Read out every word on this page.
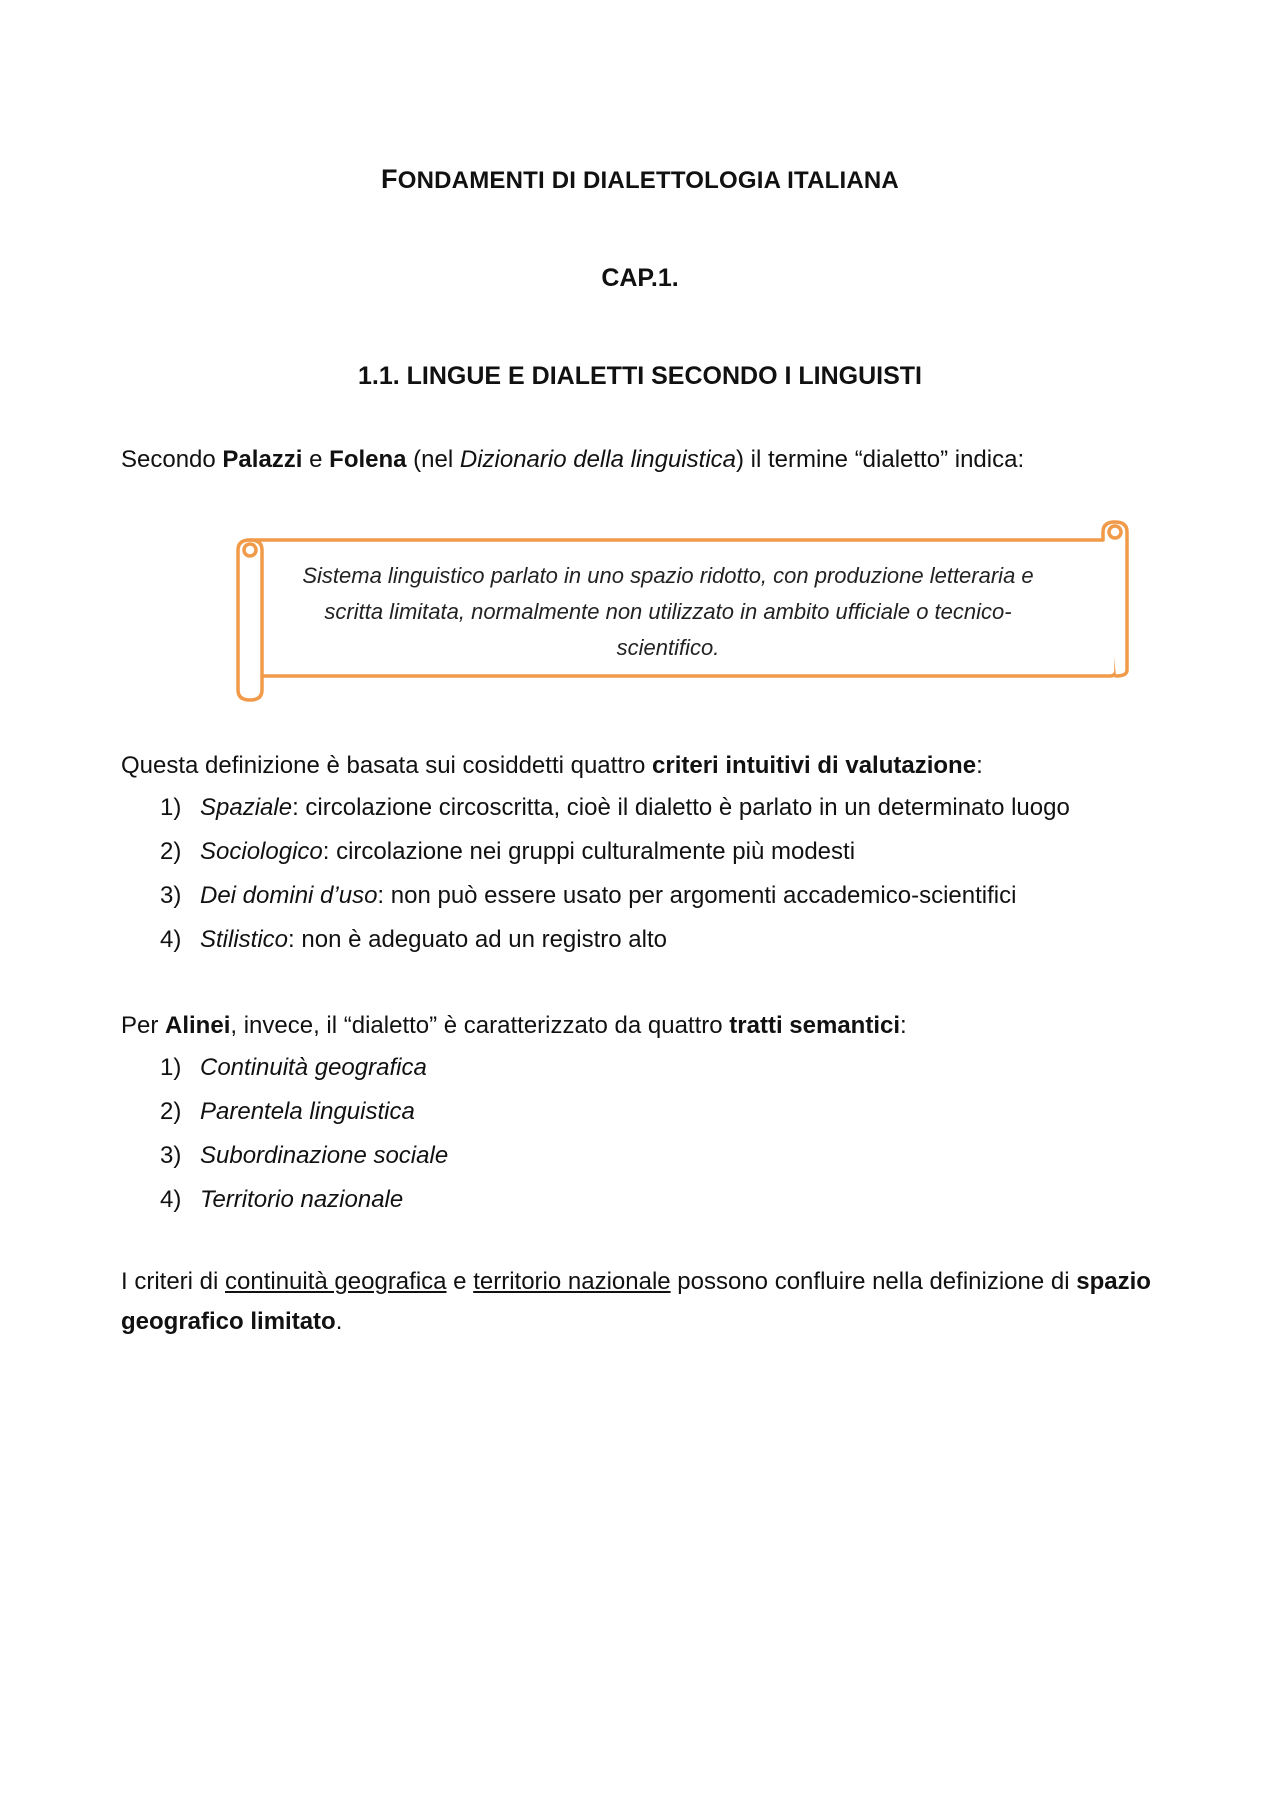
FONDAMENTI DI DIALETTOLOGIA ITALIANA
CAP.1.
1.1. LINGUE E DIALETTI SECONDO I LINGUISTI
Secondo Palazzi e Folena (nel Dizionario della linguistica) il termine “dialetto” indica:
Sistema linguistico parlato in uno spazio ridotto, con produzione letteraria e scritta limitata, normalmente non utilizzato in ambito ufficiale o tecnico-scientifico.
Questa definizione è basata sui cosiddetti quattro criteri intuitivi di valutazione:
1) Spaziale: circolazione circoscritta, cioè il dialetto è parlato in un determinato luogo
2) Sociologico: circolazione nei gruppi culturalmente più modesti
3) Dei domini d’uso: non può essere usato per argomenti accademico-scientifici
4) Stilistico: non è adeguato ad un registro alto
Per Alinei, invece, il “dialetto” è caratterizzato da quattro tratti semantici:
1) Continuità geografica
2) Parentela linguistica
3) Subordinazione sociale
4) Territorio nazionale
I criteri di continuità geografica e territorio nazionale possono confluire nella definizione di spazio geografico limitato.
